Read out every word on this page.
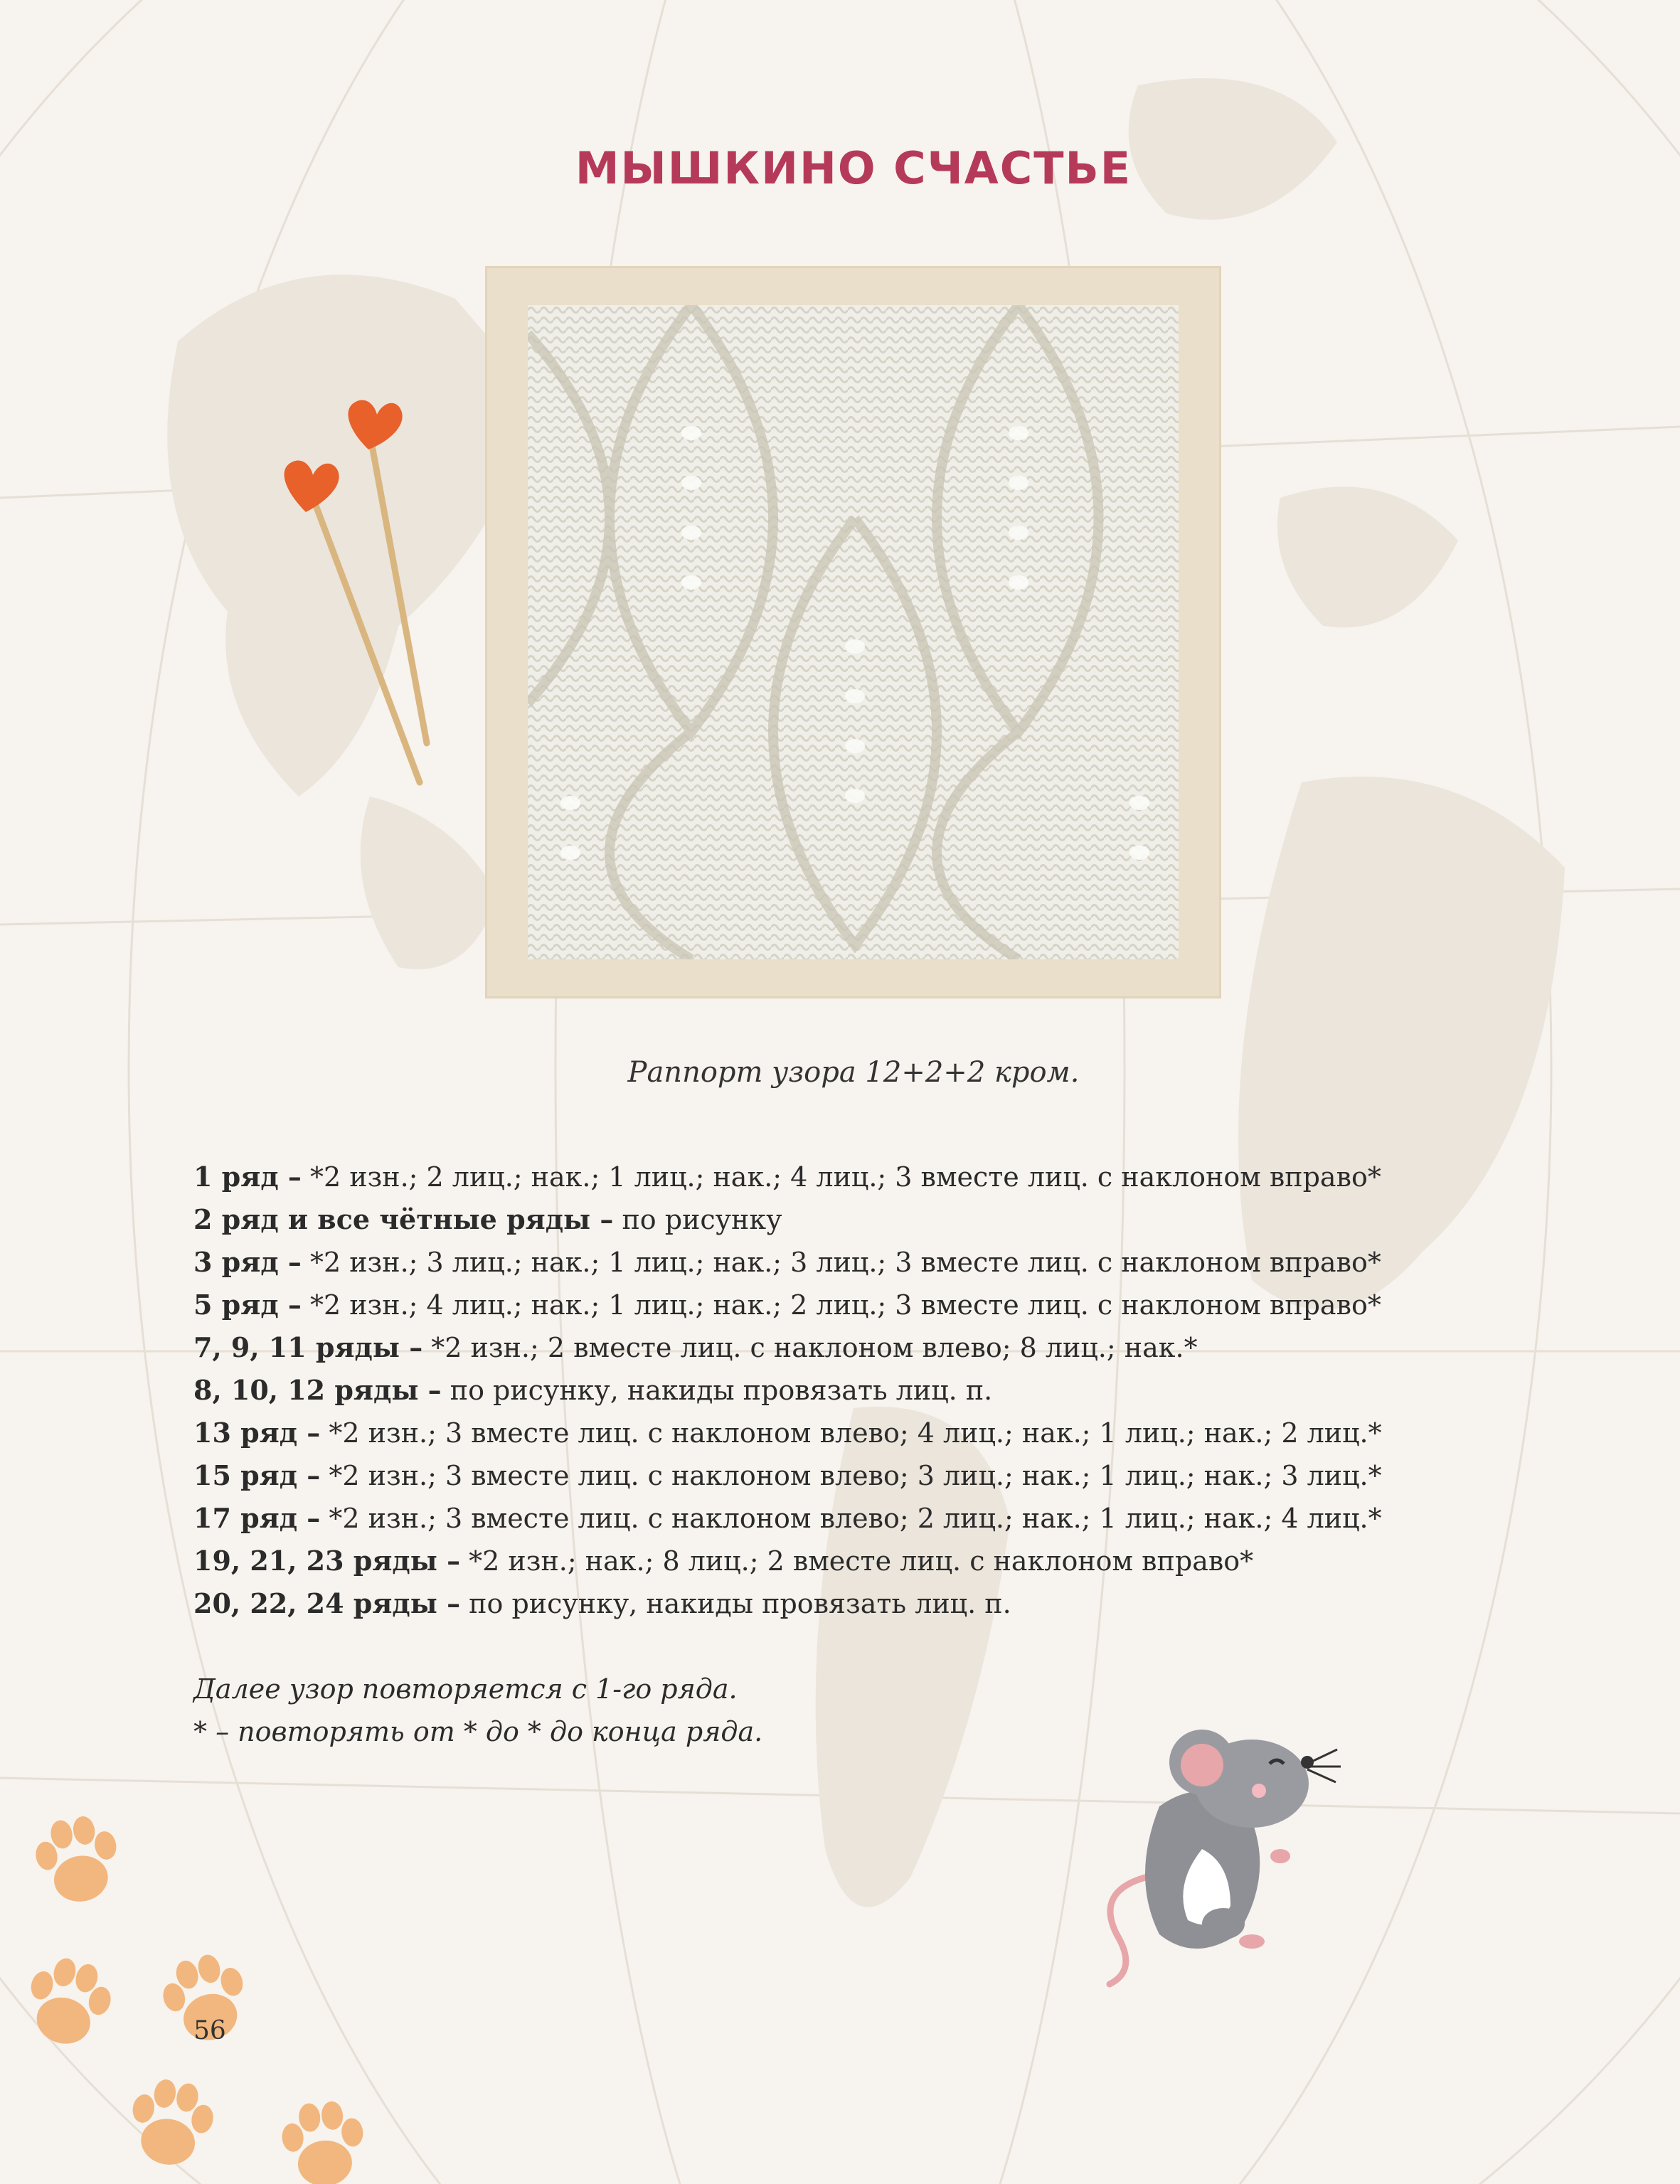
МЫШКИНО СЧАСТЬЕ
Раппорт узора 12+2+2 кром.
1 ряд – *2 изн.; 2 лиц.; нак.; 1 лиц.; нак.; 4 лиц.; 3 вместе лиц. с наклоном вправо*
2 ряд и все чётные ряды – по рисунку
3 ряд – *2 изн.; 3 лиц.; нак.; 1 лиц.; нак.; 3 лиц.; 3 вместе лиц. с наклоном вправо*
5 ряд – *2 изн.; 4 лиц.; нак.; 1 лиц.; нак.; 2 лиц.; 3 вместе лиц. с наклоном вправо*
7, 9, 11 ряды – *2 изн.; 2 вместе лиц. с наклоном влево; 8 лиц.; нак.*
8, 10, 12 ряды – по рисунку, накиды провязать лиц. п.
13 ряд – *2 изн.; 3 вместе лиц. с наклоном влево; 4 лиц.; нак.; 1 лиц.; нак.; 2 лиц.*
15 ряд – *2 изн.; 3 вместе лиц. с наклоном влево; 3 лиц.; нак.; 1 лиц.; нак.; 3 лиц.*
17 ряд – *2 изн.; 3 вместе лиц. с наклоном влево; 2 лиц.; нак.; 1 лиц.; нак.; 4 лиц.*
19, 21, 23 ряды – *2 изн.; нак.; 8 лиц.; 2 вместе лиц. с наклоном вправо*
20, 22, 24 ряды – по рисунку, накиды провязать лиц. п.
Далее узор повторяется с 1-го ряда.
* – повторять от * до * до конца ряда.
56
